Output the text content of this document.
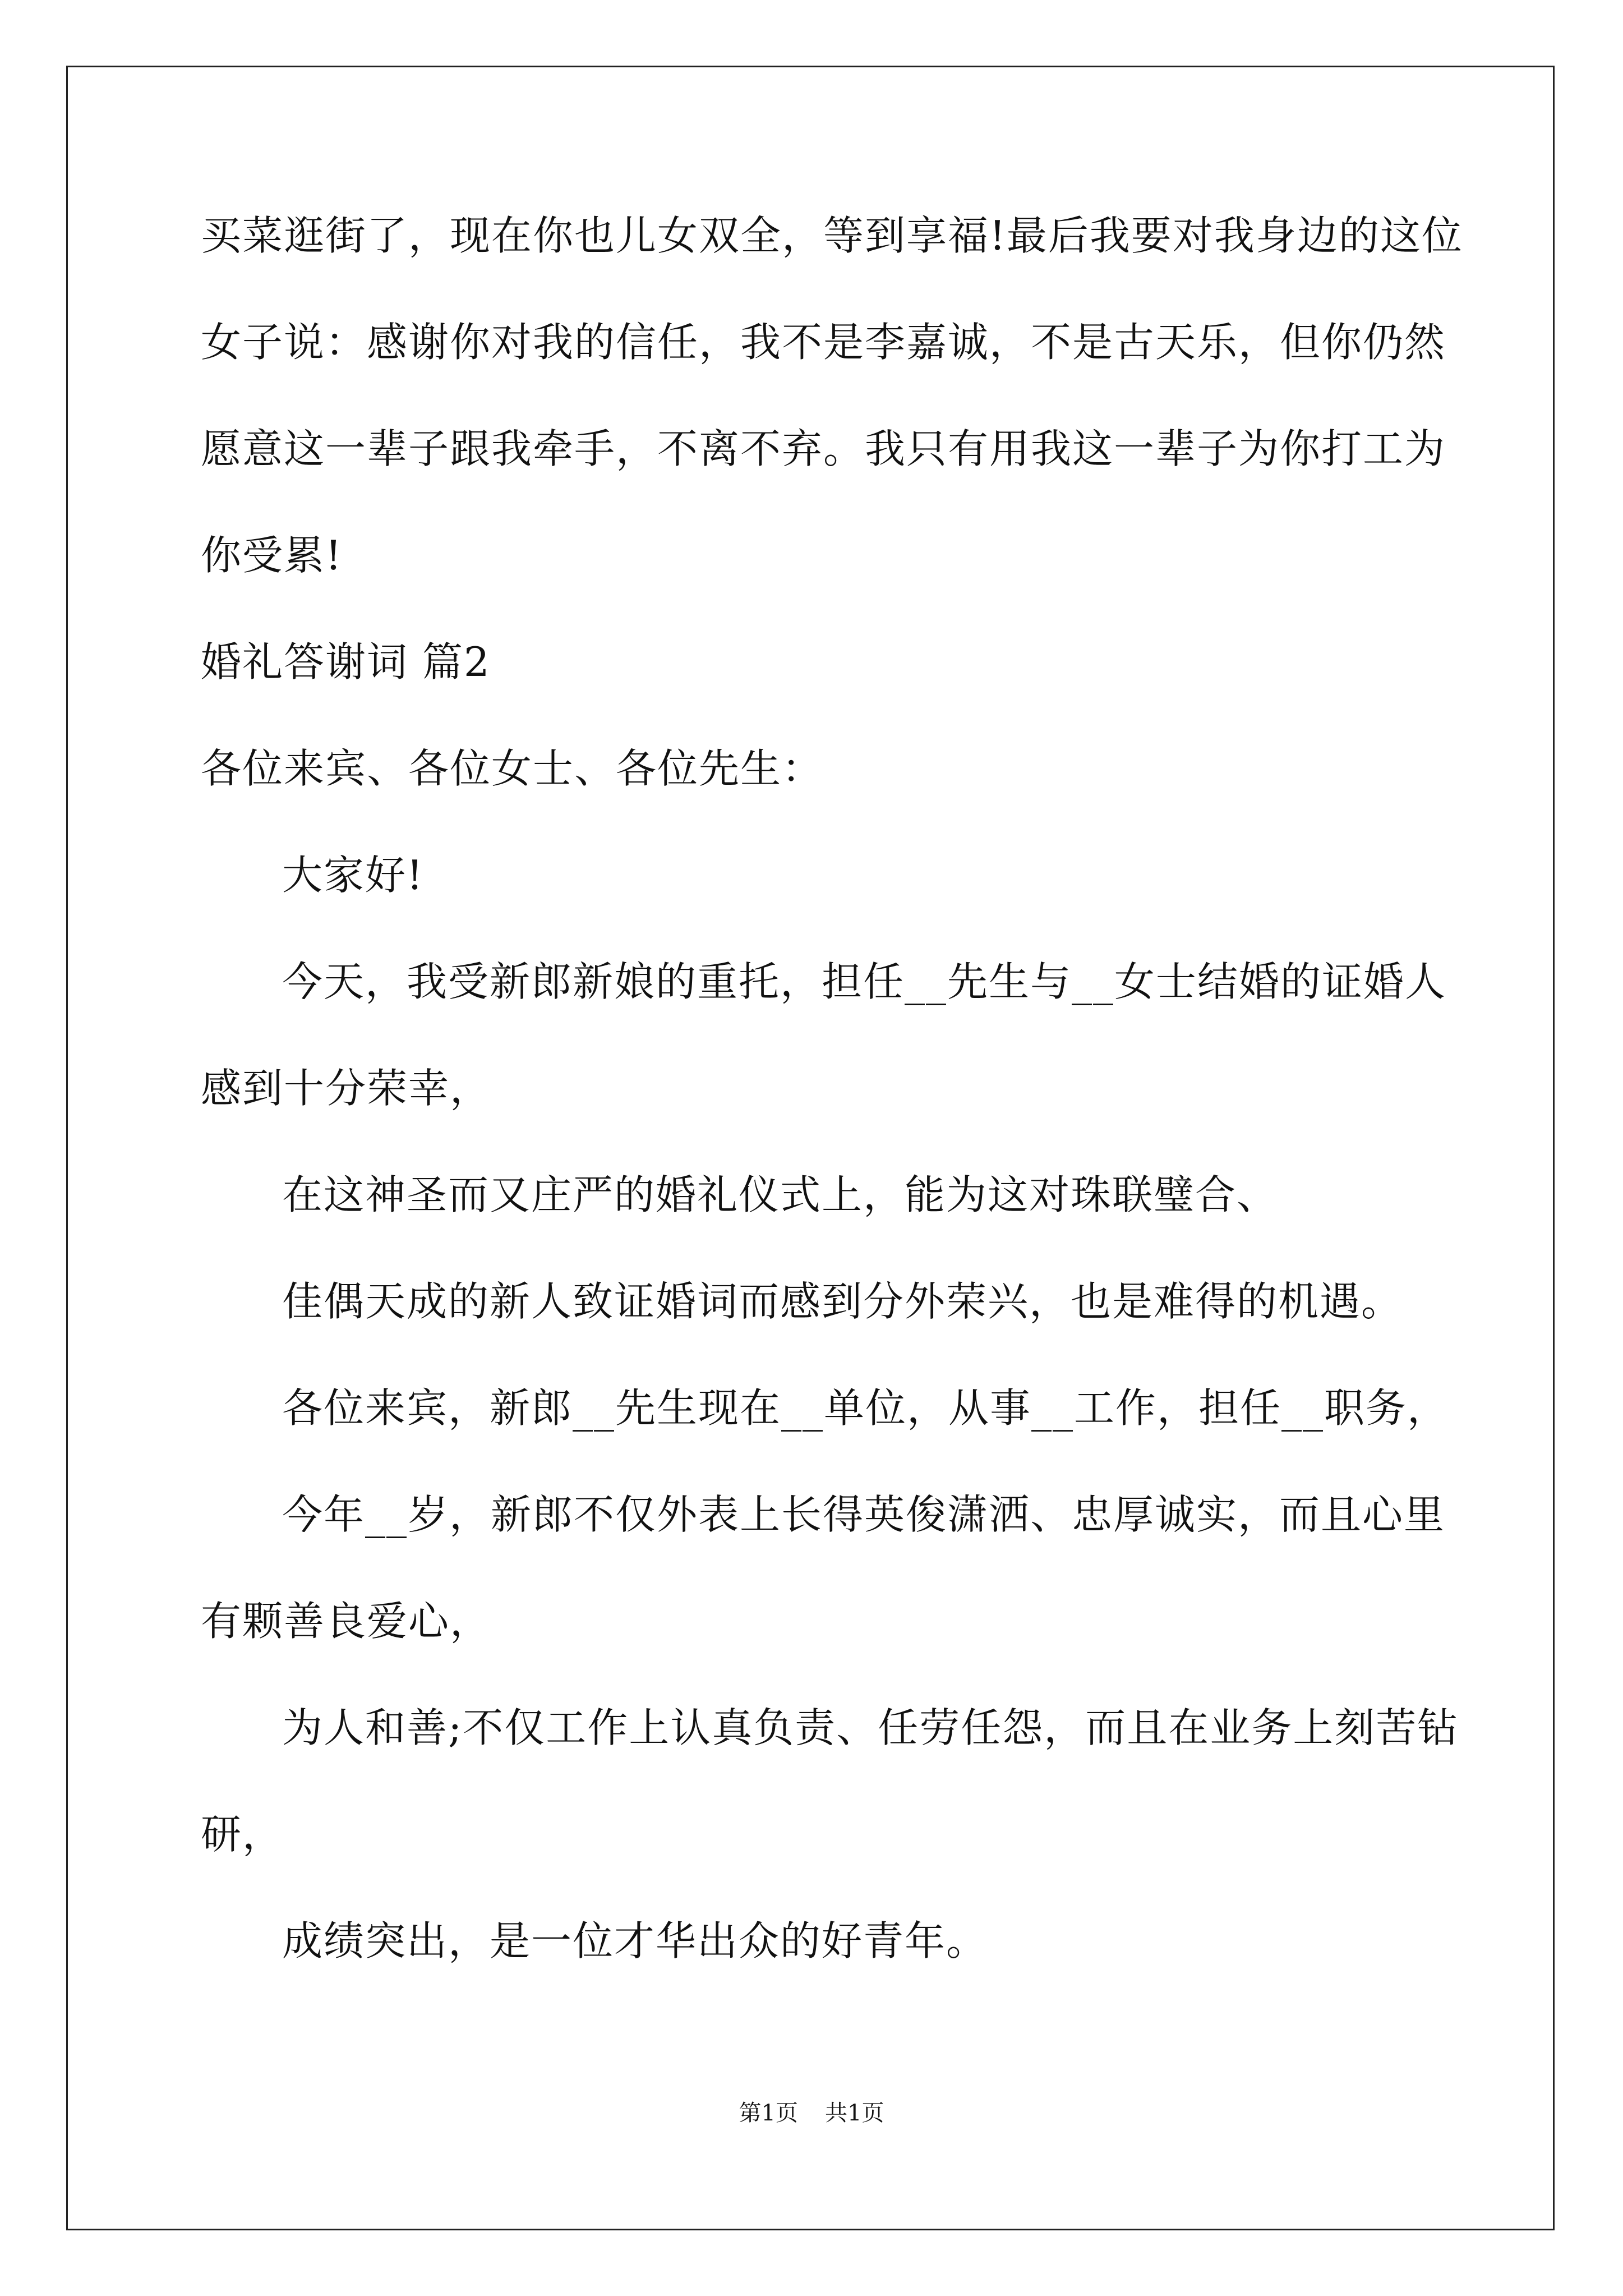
买菜逛街了，现在你也儿女双全，等到享福!最后我要对我身边的这位
女子说：感谢你对我的信任，我不是李嘉诚，不是古天乐，但你仍然
愿意这一辈子跟我牵手，不离不弃。我只有用我这一辈子为你打工为
你受累!
婚礼答谢词 篇2
各位来宾、各位女士、各位先生：
大家好!
今天，我受新郎新娘的重托，担任__先生与__女士结婚的证婚人
感到十分荣幸，
在这神圣而又庄严的婚礼仪式上，能为这对珠联璧合、
佳偶天成的新人致证婚词而感到分外荣兴，也是难得的机遇。
各位来宾，新郎__先生现在__单位，从事__工作，担任__职务，
今年__岁，新郎不仅外表上长得英俊潇洒、忠厚诚实，而且心里
有颗善良爱心，
为人和善;不仅工作上认真负责、任劳任怨，而且在业务上刻苦钻
研，
成绩突出，是一位才华出众的好青年。
第1页 共1页
